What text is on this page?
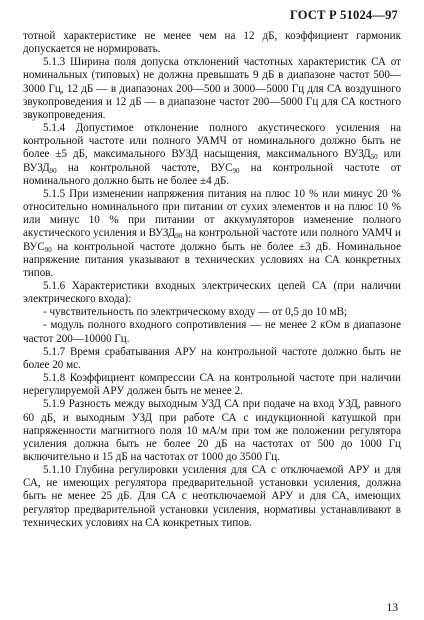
ГОСТ Р 51024—97

тотной характеристике не менее чем на 12 дБ, коэффициент гармоник допускается не нормировать.

5.1.3 Ширина поля допуска отклонений частотных характеристик СА от номинальных (типовых) не должна превышать 9 дБ в диапазоне частот 500—3000 Гц, 12 дБ — в диапазонах 200—500 и 3000—5000 Гц для СА воздушного звукопроведения и 12 дБ — в диапазоне частот 200—5000 Гц для СА костного звукопроведения.

5.1.4 Допустимое отклонение полного акустического усиления на контрольной частоте или полного УАМЧ от номинального должно быть не более ±5 дБ, максимального ВУЗД насыщения, максимального $ВУЗД_{50}$ или $ВУЗД_{90}$ на контрольной частоте, $ВУС_{90}$ на контрольной частоте от номинального должно быть не более ±4 дБ.

5.1.5 При изменении напряжения питания на плюс 10 % или минус 20 % относительно номинального при питании от сухих элементов и на плюс 10 % или минус 10 % при питании от аккумуляторов изменение полного акустического усиления и $ВУЗД_{90}$ на контрольной частоте или полного УАМЧ и $ВУС_{90}$ на контрольной частоте должно быть не более ±3 дБ. Номинальное напряжение питания указывают в технических условиях на СА конкретных типов.

5.1.6 Характеристики входных электрических цепей СА (при наличии электрического входа):

- чувствительность по электрическому входу — от 0,5 до 10 мВ;

- модуль полного входного сопротивления — не менее 2 кОм в диапазоне частот 200—10000 Гц.

5.1.7 Время срабатывания АРУ на контрольной частоте должно быть не более 20 мс.

5.1.8 Коэффициент компрессии СА на контрольной частоте при наличии нерегулируемой АРУ должен быть не менее 2.

5.1.9 Разность между выходным УЗД СА при подаче на вход УЗД, равного 60 дБ, и выходным УЗД при работе СА с индукционной катушкой при напряженности магнитного поля 10 мА/м при том же положении регулятора усиления должна быть не более 20 дБ на частотах от 500 до 1000 Гц включительно и 15 дБ на частотах от 1000 до 3500 Гц.

5.1.10 Глубина регулировки усиления для СА с отключаемой АРУ и для СА, не имеющих регулятора предварительной установки усиления, должна быть не менее 25 дБ. Для СА с неотключаемой АРУ и для СА, имеющих регулятор предварительной установки усиления, нормативы устанавливают в технических условиях на СА конкретных типов.

13
